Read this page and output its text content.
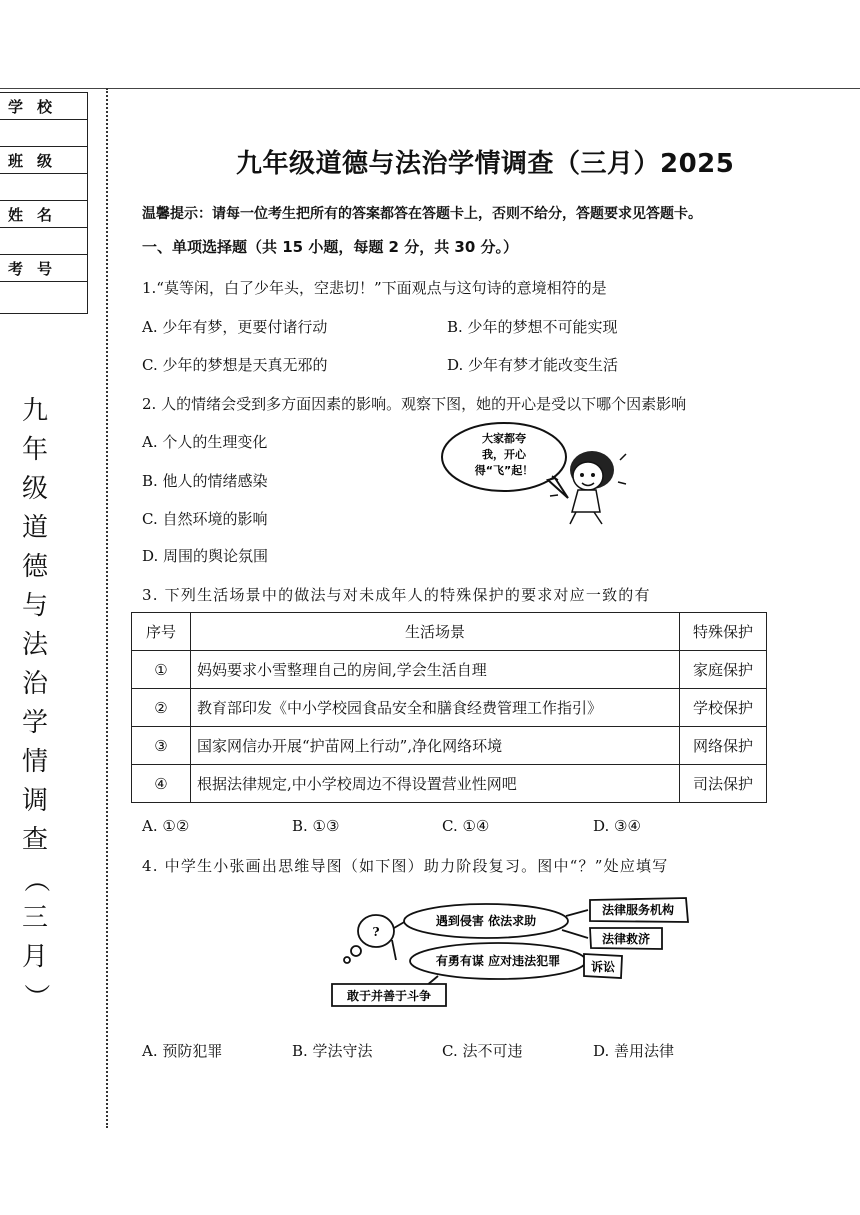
学校
班级
姓名
考号
九
年
级
道
德
与
法
治
学
情
调
查
（
三
月
）
九年级道德与法治学情调查（三月）2025
温馨提示：请每一位考生把所有的答案都答在答题卡上，否则不给分，答题要求见答题卡。
一、单项选择题（共 15 小题，每题 2 分，共 30 分。）
1.“莫等闲，白了少年头，空悲切！”下面观点与这句诗的意境相符的是
A. 少年有梦，更要付诸行动	B. 少年的梦想不可能实现
C. 少年的梦想是天真无邪的	D. 少年有梦才能改变生活
2. 人的情绪会受到多方面因素的影响。观察下图，她的开心是受以下哪个因素影响
A. 个人的生理变化
B. 他人的情绪感染
C. 自然环境的影响
D. 周围的舆论氛围
大家都夸
我，开心
得“飞”起！
3. 下列生活场景中的做法与对未成年人的特殊保护的要求对应一致的有
序号	生活场景	特殊保护
①	妈妈要求小雪整理自己的房间,学会生活自理	家庭保护
②	教育部印发《中小学校园食品安全和膳食经费管理工作指引》	学校保护
③	国家网信办开展“护苗网上行动”,净化网络环境	网络保护
④	根据法律规定,中小学校周边不得设置营业性网吧	司法保护
A. ①②	B. ①③	C. ①④	D. ③④
4. 中学生小张画出思维导图（如下图）助力阶段复习。图中“？”处应填写
?
遇到侵害 依法求助
有勇有谋 应对违法犯罪
法律服务机构
法律救济
诉讼
敢于并善于斗争
A. 预防犯罪	B. 学法守法	C. 法不可违	D. 善用法律
